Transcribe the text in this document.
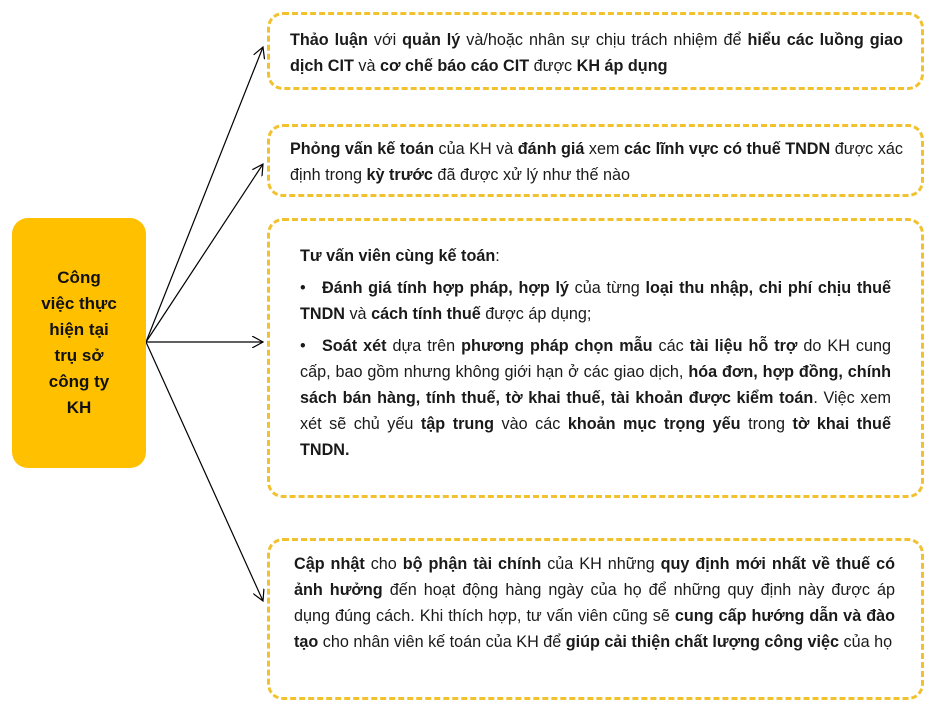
Công
việc thực
hiện tại
trụ sở
công ty
KH
Thảo luận với quản lý và/hoặc nhân sự chịu trách nhiệm để hiểu các luồng giao dịch CIT và cơ chế báo cáo CIT được KH áp dụng
Phỏng vấn kế toán của KH và đánh giá xem các lĩnh vực có thuế TNDN được xác định trong kỳ trước đã được xử lý như thế nào
Tư vấn viên cùng kế toán:
• Đánh giá tính hợp pháp, hợp lý của từng loại thu nhập, chi phí chịu thuế TNDN và cách tính thuế được áp dụng;
• Soát xét dựa trên phương pháp chọn mẫu các tài liệu hỗ trợ do KH cung cấp, bao gồm nhưng không giới hạn ở các giao dịch, hóa đơn, hợp đồng, chính sách bán hàng, tính thuế, tờ khai thuế, tài khoản được kiểm toán. Việc xem xét sẽ chủ yếu tập trung vào các khoản mục trọng yếu trong tờ khai thuế TNDN.
Cập nhật cho bộ phận tài chính của KH những quy định mới nhất về thuế có ảnh hưởng đến hoạt động hàng ngày của họ để những quy định này được áp dụng đúng cách. Khi thích hợp, tư vấn viên cũng sẽ cung cấp hướng dẫn và đào tạo cho nhân viên kế toán của KH để giúp cải thiện chất lượng công việc của họ
